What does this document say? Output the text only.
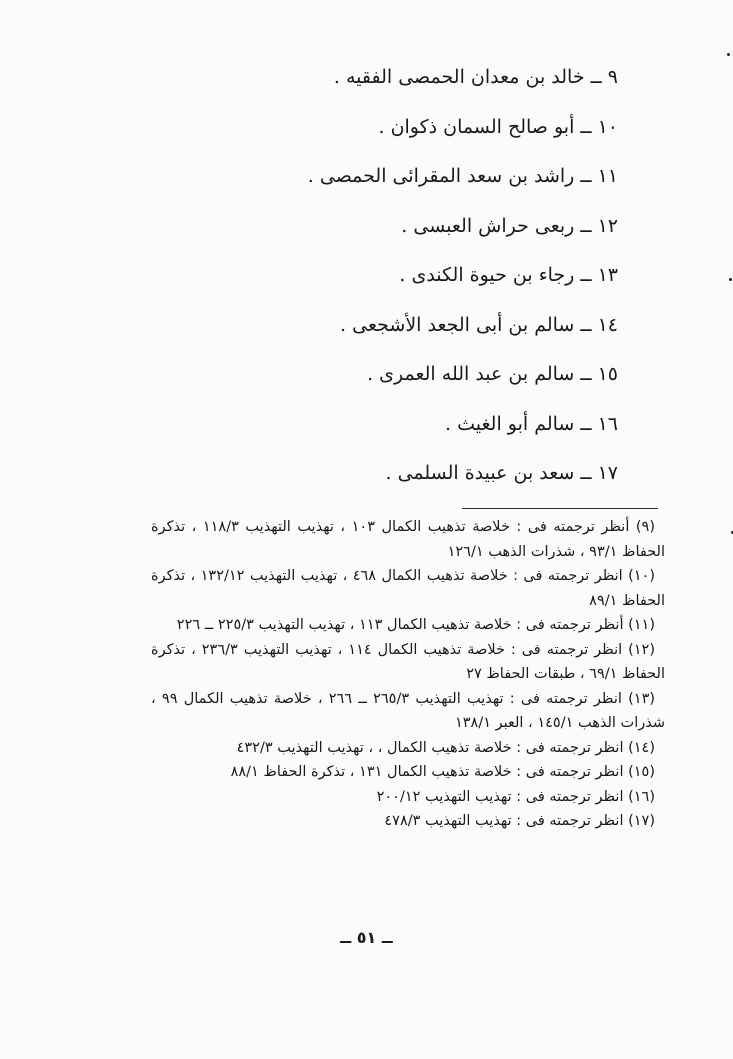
٩ ــ خالد بن معدان الحمصى الفقيه .
١٠ ــ أبو صالح السمان ذكوان .
١١ ــ راشد بن سعد المقرائى الحمصى .
١٢ ــ ربعى حراش العبسى .
١٣ ــ رجاء بن حيوة الكندى .
١٤ ــ سالم بن أبى الجعد الأشجعى .
١٥ ــ سالم بن عبد الله العمرى .
١٦ ــ سالم أبو الغيث .
١٧ ــ سعد بن عبيدة السلمى .

(٩) أنظر ترجمته فى : خلاصة تذهيب الكمال ١٠٣ ، تهذيب التهذيب ١١٨/٣ ، تذكرة الحفاظ ٩٣/١ ، شذرات الذهب ١٢٦/١

(١٠) انظر ترجمته فى : خلاصة تذهيب الكمال ٤٦٨ ، تهذيب التهذيب ١٣٢/١٢ ، تذكرة الحفاظ ٨٩/١

(١١) أنظر ترجمته فى : خلاصة تذهيب الكمال ١١٣ ، تهذيب التهذيب ٢٢٥/٣ ــ ٢٢٦

(١٢) انظر ترجمته فى : خلاصة تذهيب الكمال ١١٤ ، تهذيب التهذيب ٢٣٦/٣ ، تذكرة الحفاظ ٦٩/١ ، طبقات الحفاظ ٢٧

(١٣) انظر ترجمته فى : تهذيب التهذيب ٢٦٥/٣ ــ ٢٦٦ ، خلاصة تذهيب الكمال ٩٩ ، شذرات الذهب ١٤٥/١ ، العبر ١٣٨/١

(١٤) انظر ترجمته فى : خلاصة تذهيب الكمال ، ، تهذيب التهذيب ٤٣٢/٣

(١٥) انظر ترجمته فى : خلاصة تذهيب الكمال ١٣١ ، تذكرة الحفاظ ٨٨/١

(١٦) انظر ترجمته فى : تهذيب التهذيب ٢٠٠/١٢

(١٧) انظر ترجمته فى : تهذيب التهذيب ٤٧٨/٣

ــ ٥١ ــ
